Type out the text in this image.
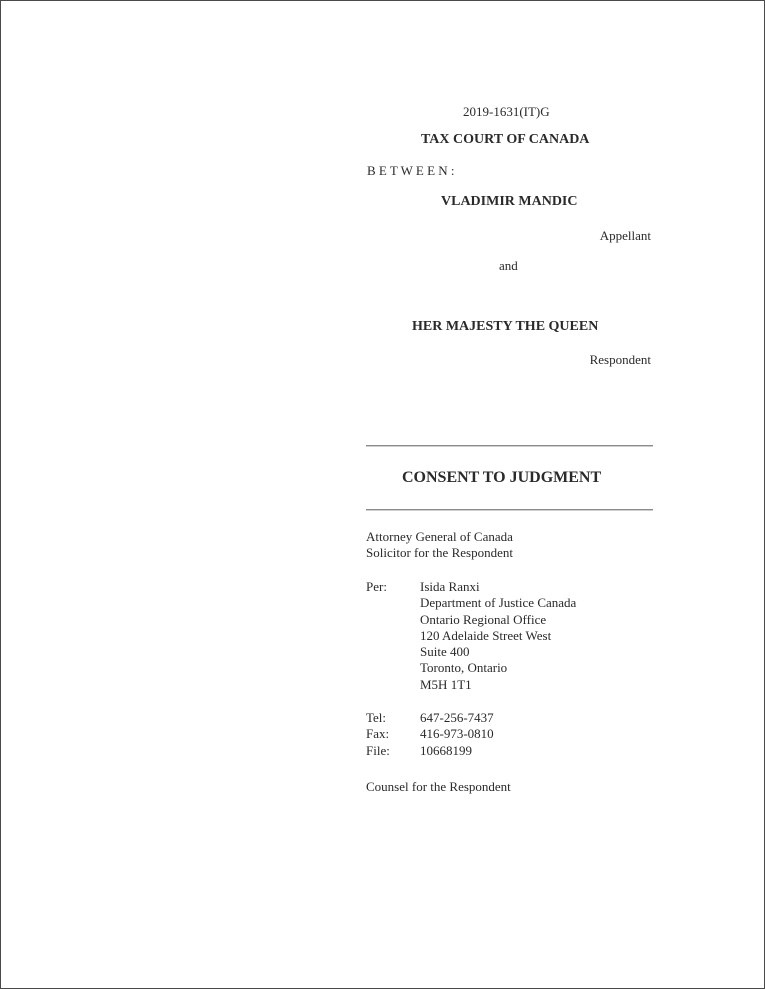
2019-1631(IT)G
TAX COURT OF CANADA
B E T W E E N :
VLADIMIR MANDIC
Appellant
and
HER MAJESTY THE QUEEN
Respondent
CONSENT TO JUDGMENT
Attorney General of Canada
Solicitor for the Respondent
Per:	Isida Ranxi
Department of Justice Canada
Ontario Regional Office
120 Adelaide Street West
Suite 400
Toronto, Ontario
M5H 1T1
Tel:
Fax:
File:
647-256-7437
416-973-0810
10668199
Counsel for the Respondent
